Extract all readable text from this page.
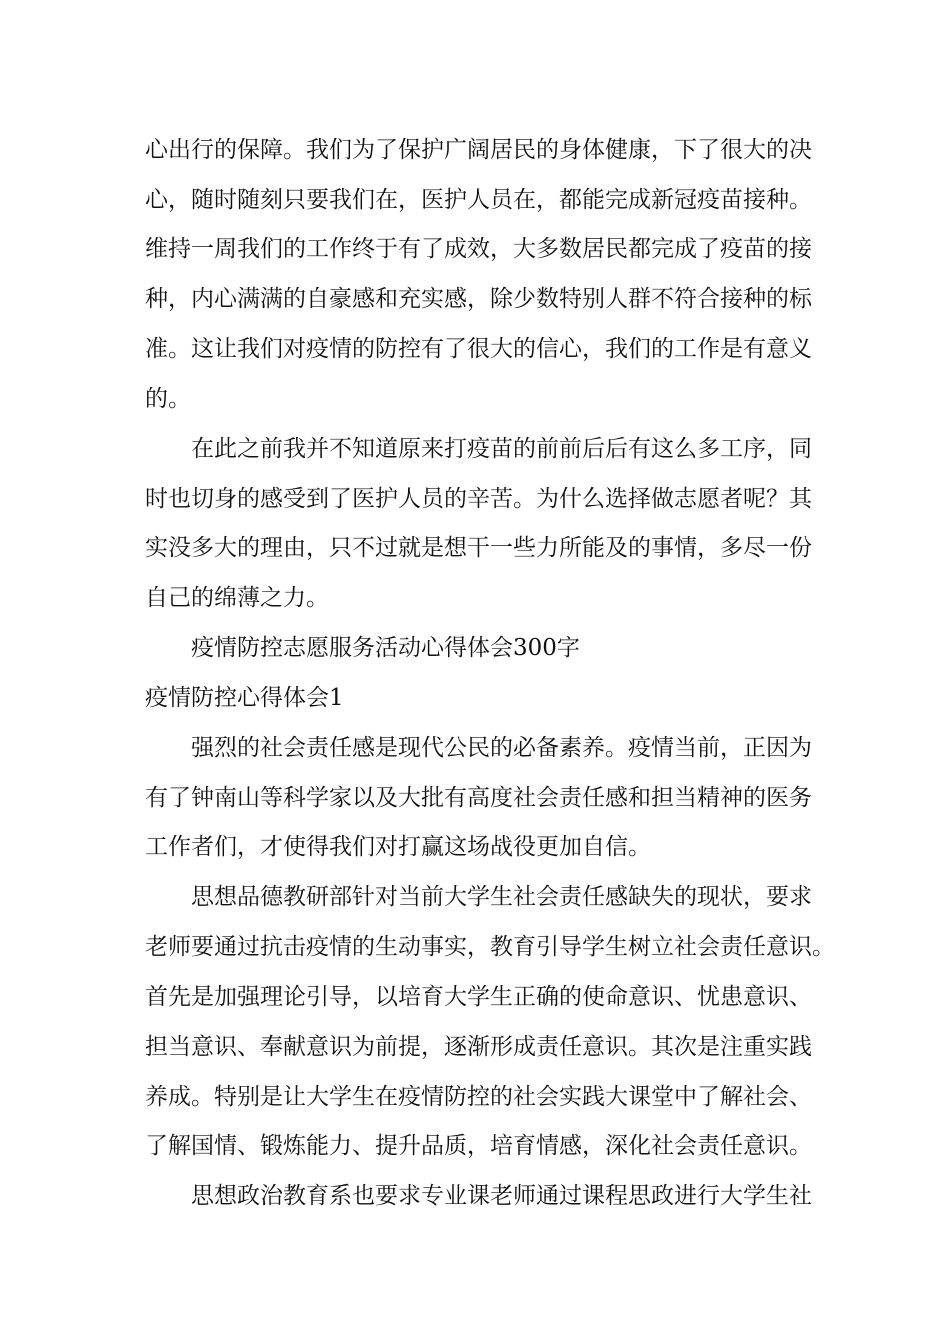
心出行的保障。我们为了保护广阔居民的身体健康，下了很大的决
心，随时随刻只要我们在，医护人员在，都能完成新冠疫苗接种。
维持一周我们的工作终于有了成效，大多数居民都完成了疫苗的接
种，内心满满的自豪感和充实感，除少数特别人群不符合接种的标
准。这让我们对疫情的防控有了很大的信心，我们的工作是有意义
的。
在此之前我并不知道原来打疫苗的前前后后有这么多工序，同
时也切身的感受到了医护人员的辛苦。为什么选择做志愿者呢？其
实没多大的理由，只不过就是想干一些力所能及的事情，多尽一份
自己的绵薄之力。
疫情防控志愿服务活动心得体会300字
疫情防控心得体会1
强烈的社会责任感是现代公民的必备素养。疫情当前，正因为
有了钟南山等科学家以及大批有高度社会责任感和担当精神的医务
工作者们，才使得我们对打赢这场战役更加自信。
思想品德教研部针对当前大学生社会责任感缺失的现状，要求
老师要通过抗击疫情的生动事实，教育引导学生树立社会责任意识。
首先是加强理论引导，以培育大学生正确的使命意识、忧患意识、
担当意识、奉献意识为前提，逐渐形成责任意识。其次是注重实践
养成。特别是让大学生在疫情防控的社会实践大课堂中了解社会、
了解国情、锻炼能力、提升品质，培育情感，深化社会责任意识。
思想政治教育系也要求专业课老师通过课程思政进行大学生社
